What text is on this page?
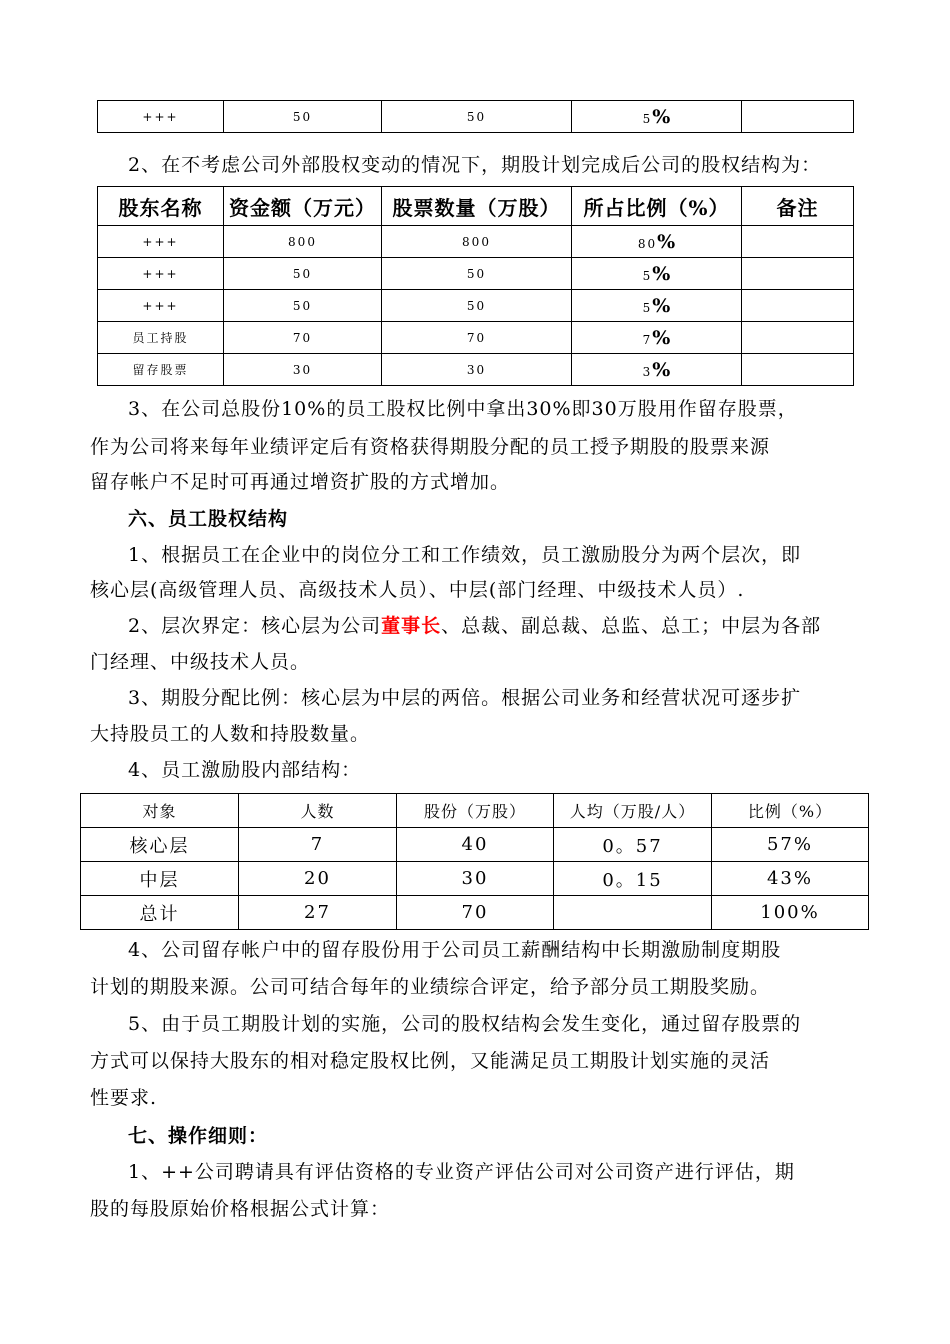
+++	50	50	5%	
2、在不考虑公司外部股权变动的情况下，期股计划完成后公司的股权结构为：
股东名称	资金额（万元）	股票数量（万股）	所占比例（%）	备注
+++	800	800	80%	
+++	50	50	5%	
+++	50	50	5%	
员工持股	70	70	7%	
留存股票	30	30	3%	
3、在公司总股份10%的员工股权比例中拿出30%即30万股用作留存股票，
作为公司将来每年业绩评定后有资格获得期股分配的员工授予期股的股票来源
留存帐户不足时可再通过增资扩股的方式增加。
六、员工股权结构
1、根据员工在企业中的岗位分工和工作绩效，员工激励股分为两个层次，即
核心层(高级管理人员、高级技术人员）、中层(部门经理、中级技术人员）.
2、层次界定：核心层为公司董事长、总裁、副总裁、总监、总工；中层为各部
门经理、中级技术人员。
3、期股分配比例：核心层为中层的两倍。根据公司业务和经营状况可逐步扩
大持股员工的人数和持股数量。
4、员工激励股内部结构：
对象	人数	股份（万股）	人均（万股/人）	比例（%）
核心层	7	40	0。57	57%
中层	20	30	0。15	43%
总计	27	70		100%
4、公司留存帐户中的留存股份用于公司员工薪酬结构中长期激励制度期股
计划的期股来源。公司可结合每年的业绩综合评定，给予部分员工期股奖励。
5、由于员工期股计划的实施，公司的股权结构会发生变化，通过留存股票的
方式可以保持大股东的相对稳定股权比例，又能满足员工期股计划实施的灵活
性要求.
七、操作细则：
1、++公司聘请具有评估资格的专业资产评估公司对公司资产进行评估，期
股的每股原始价格根据公式计算：
